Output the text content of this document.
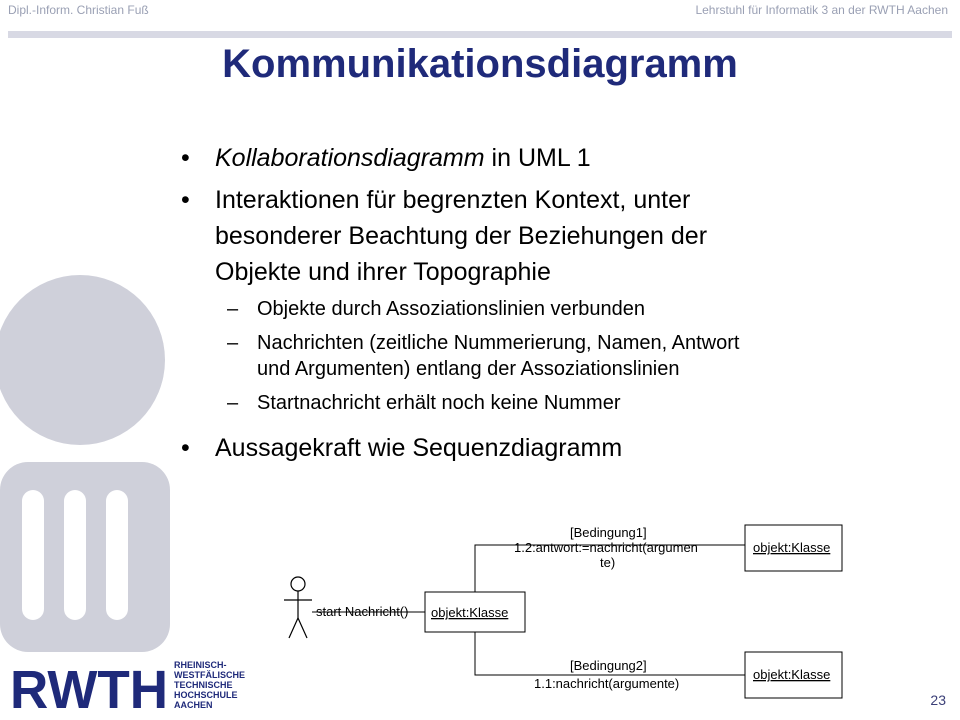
Dipl.-Inform. Christian Fuß	Lehrstuhl für Informatik 3 an der RWTH Aachen
Kommunikationsdiagramm
• Kollaborationsdiagramm in UML 1
• Interaktionen für begrenzten Kontext, unter
besonderer Beachtung der Beziehungen der
Objekte und ihrer Topographie
– Objekte durch Assoziationslinien verbunden
– Nachrichten (zeitliche Nummerierung, Namen, Antwort
und Argumenten) entlang der Assoziationslinien
– Startnachricht erhält noch keine Nummer
• Aussagekraft wie Sequenzdiagramm
start Nachricht() objekt:Klasse
objekt:Klasse
[Bedingung1]
1.2:antwort:=nachricht(argumen
te)
objekt:Klasse
[Bedingung2]
1.1:nachricht(argumente)
RWTH RHEINISCH-
WESTFÄLISCHE
TECHNISCHE
HOCHSCHULE
AACHEN	23
